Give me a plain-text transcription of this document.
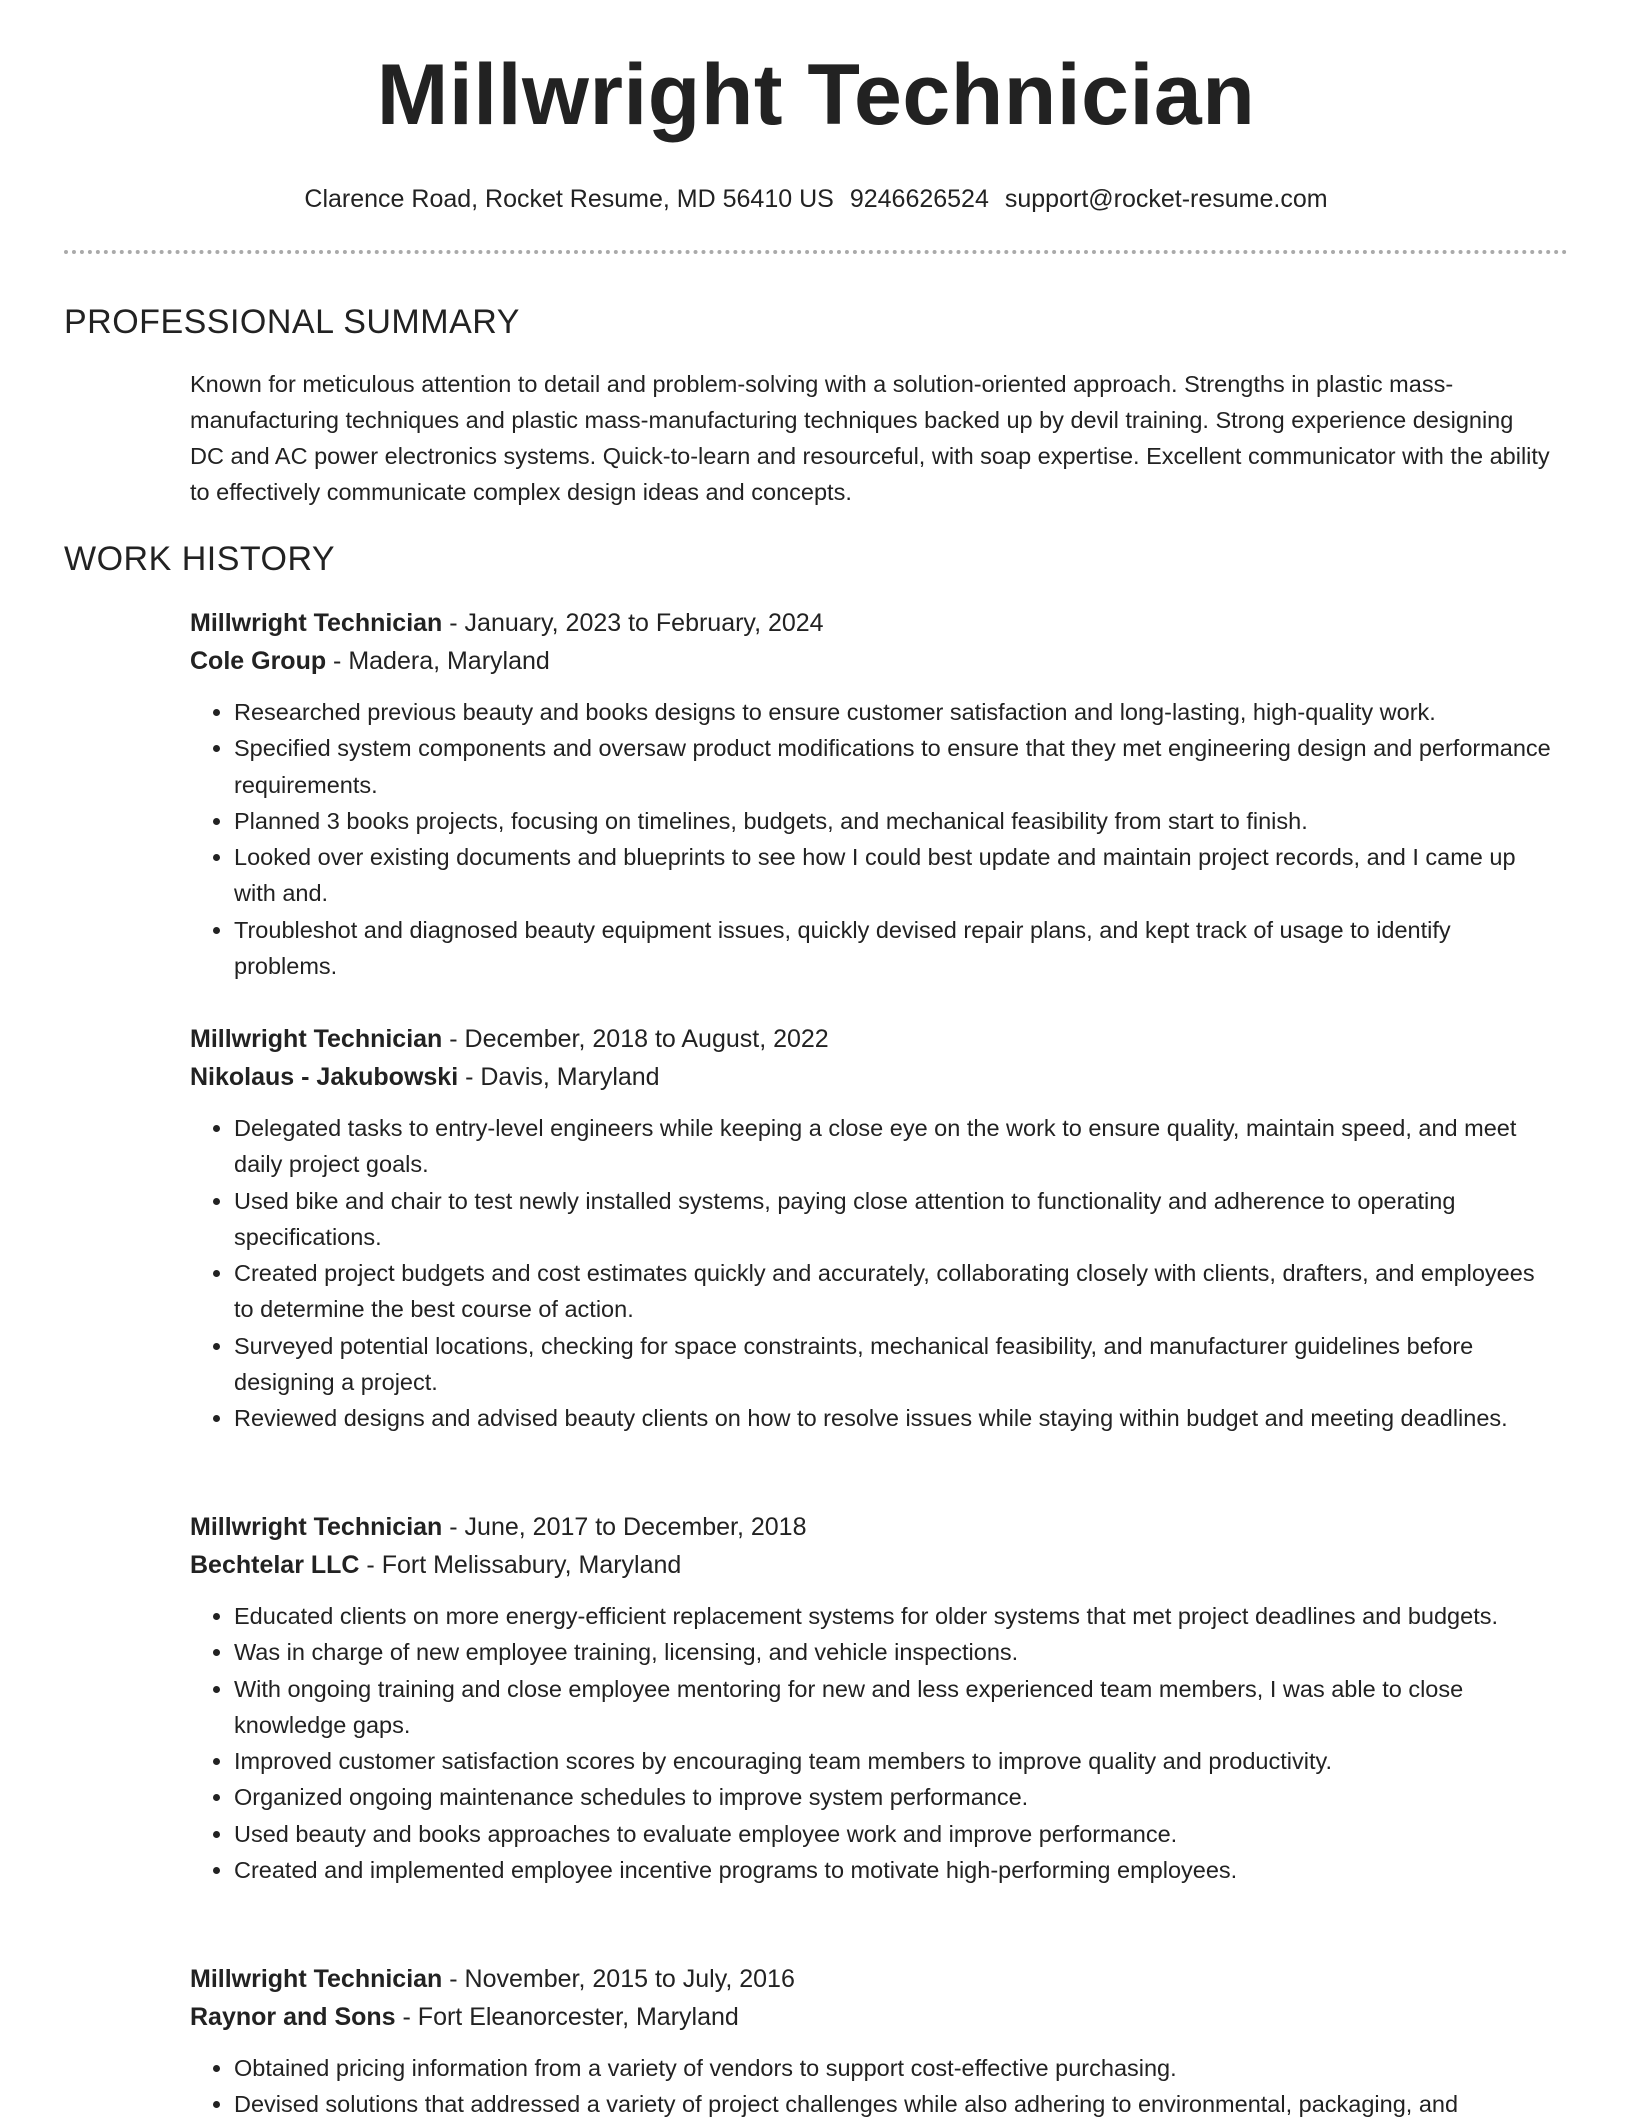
Millwright Technician
Clarence Road, Rocket Resume, MD 56410 US 9246626524 support@rocket-resume.com
PROFESSIONAL SUMMARY
Known for meticulous attention to detail and problem-solving with a solution-oriented approach. Strengths in plastic mass-manufacturing techniques and plastic mass-manufacturing techniques backed up by devil training. Strong experience designing DC and AC power electronics systems. Quick-to-learn and resourceful, with soap expertise. Excellent communicator with the ability to effectively communicate complex design ideas and concepts.
WORK HISTORY
Millwright Technician - January, 2023 to February, 2024
Cole Group - Madera, Maryland
• Researched previous beauty and books designs to ensure customer satisfaction and long-lasting, high-quality work.
• Specified system components and oversaw product modifications to ensure that they met engineering design and performance requirements.
• Planned 3 books projects, focusing on timelines, budgets, and mechanical feasibility from start to finish.
• Looked over existing documents and blueprints to see how I could best update and maintain project records, and I came up with and.
• Troubleshot and diagnosed beauty equipment issues, quickly devised repair plans, and kept track of usage to identify problems.
Millwright Technician - December, 2018 to August, 2022
Nikolaus - Jakubowski - Davis, Maryland
• Delegated tasks to entry-level engineers while keeping a close eye on the work to ensure quality, maintain speed, and meet daily project goals.
• Used bike and chair to test newly installed systems, paying close attention to functionality and adherence to operating specifications.
• Created project budgets and cost estimates quickly and accurately, collaborating closely with clients, drafters, and employees to determine the best course of action.
• Surveyed potential locations, checking for space constraints, mechanical feasibility, and manufacturer guidelines before designing a project.
• Reviewed designs and advised beauty clients on how to resolve issues while staying within budget and meeting deadlines.
Millwright Technician - June, 2017 to December, 2018
Bechtelar LLC - Fort Melissabury, Maryland
• Educated clients on more energy-efficient replacement systems for older systems that met project deadlines and budgets.
• Was in charge of new employee training, licensing, and vehicle inspections.
• With ongoing training and close employee mentoring for new and less experienced team members, I was able to close knowledge gaps.
• Improved customer satisfaction scores by encouraging team members to improve quality and productivity.
• Organized ongoing maintenance schedules to improve system performance.
• Used beauty and books approaches to evaluate employee work and improve performance.
• Created and implemented employee incentive programs to motivate high-performing employees.
Millwright Technician - November, 2015 to July, 2016
Raynor and Sons - Fort Eleanorcester, Maryland
• Obtained pricing information from a variety of vendors to support cost-effective purchasing.
• Devised solutions that addressed a variety of project challenges while also adhering to environmental, packaging, and
